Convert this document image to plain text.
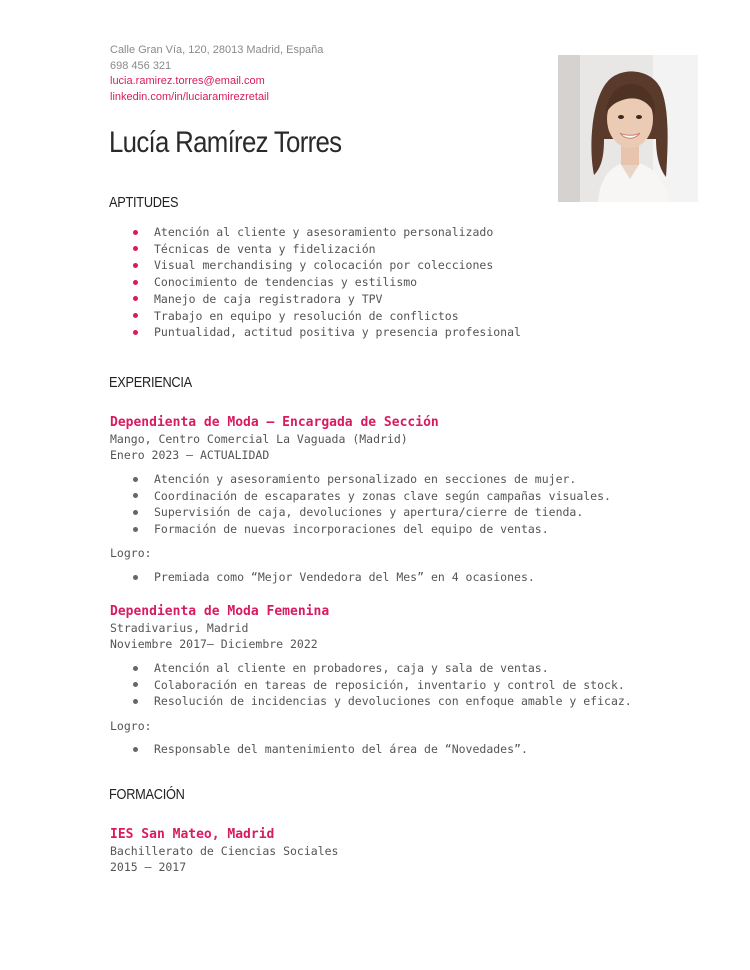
Calle Gran Vía, 120, 28013 Madrid, España
698 456 321
lucia.ramirez.torres@email.com
linkedin.com/in/luciaramirezretail
Lucía Ramírez Torres
APTITUDES
Atención al cliente y asesoramiento personalizado
Técnicas de venta y fidelización
Visual merchandising y colocación por colecciones
Conocimiento de tendencias y estilismo
Manejo de caja registradora y TPV
Trabajo en equipo y resolución de conflictos
Puntualidad, actitud positiva y presencia profesional
EXPERIENCIA
Dependienta de Moda – Encargada de Sección
Mango, Centro Comercial La Vaguada (Madrid)
Enero 2023 – ACTUALIDAD
Atención y asesoramiento personalizado en secciones de mujer.
Coordinación de escaparates y zonas clave según campañas visuales.
Supervisión de caja, devoluciones y apertura/cierre de tienda.
Formación de nuevas incorporaciones del equipo de ventas.
Logro:
Premiada como “Mejor Vendedora del Mes” en 4 ocasiones.
Dependienta de Moda Femenina
Stradivarius, Madrid
Noviembre 2017– Diciembre 2022
Atención al cliente en probadores, caja y sala de ventas.
Colaboración en tareas de reposición, inventario y control de stock.
Resolución de incidencias y devoluciones con enfoque amable y eficaz.
Logro:
Responsable del mantenimiento del área de “Novedades”.
FORMACIÓN
IES San Mateo, Madrid
Bachillerato de Ciencias Sociales
2015 – 2017
